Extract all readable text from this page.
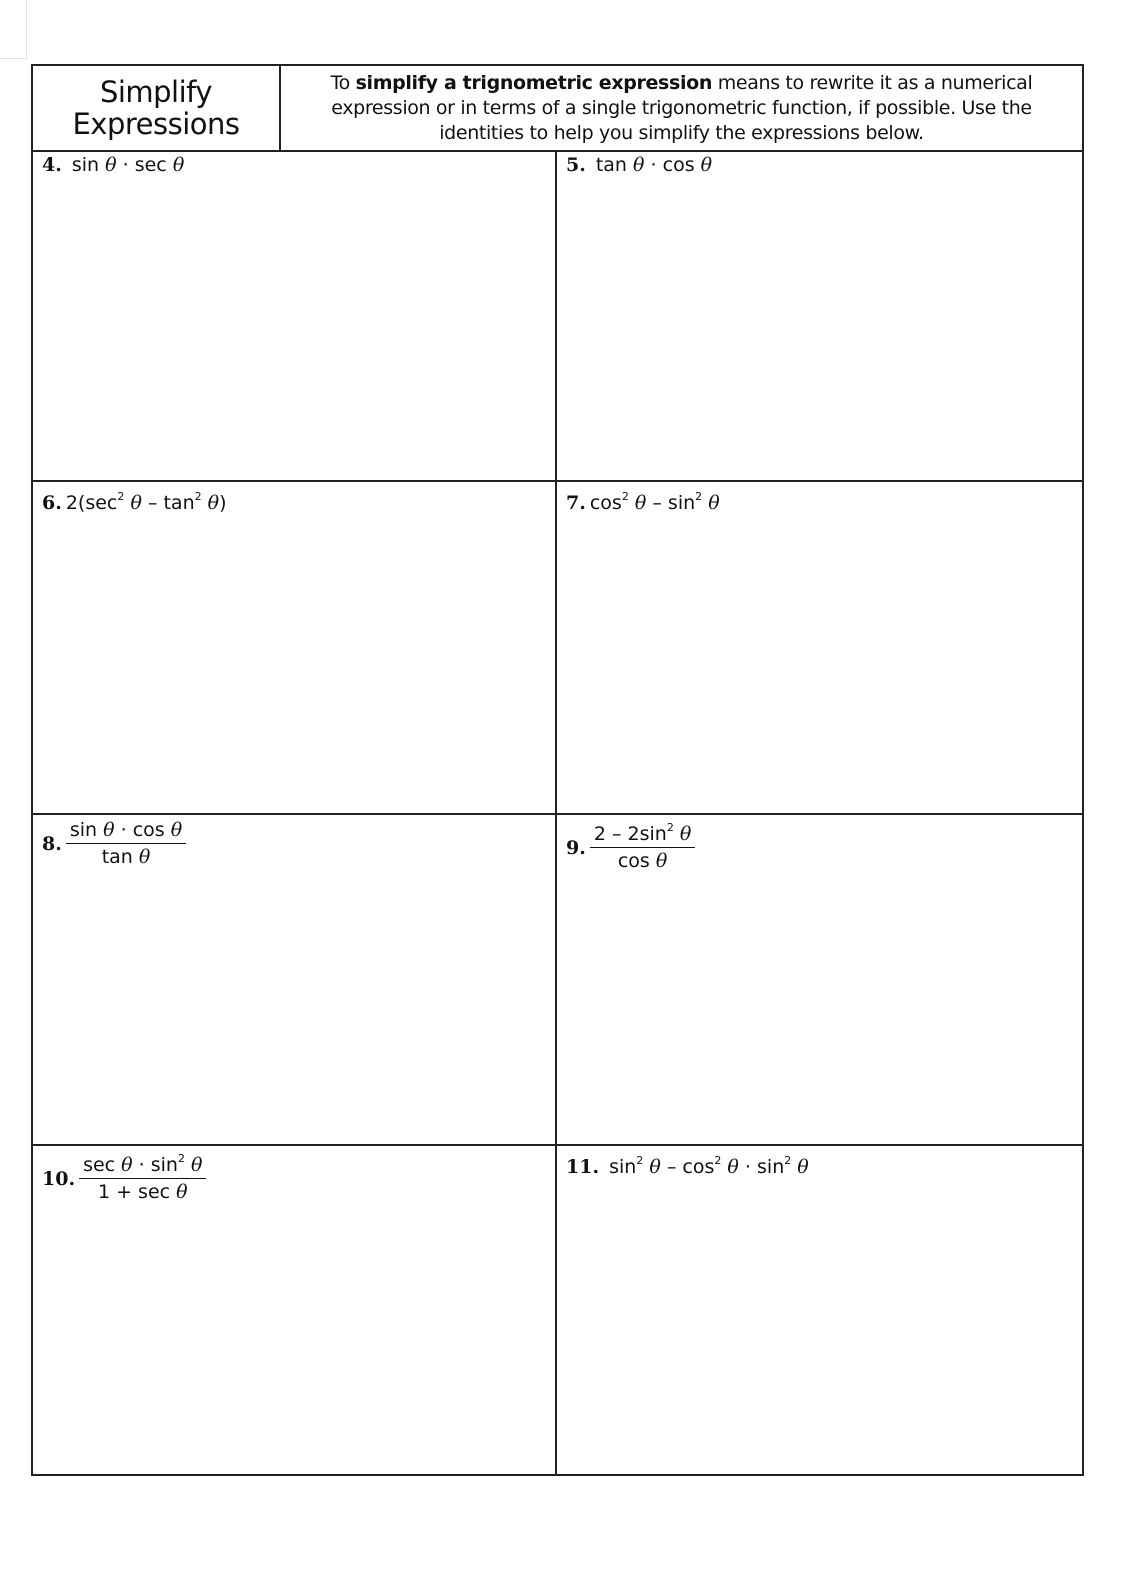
Simplify
Expressions
To simplify a trignometric expression means to rewrite it as a numerical expression or in terms of a single trigonometric function, if possible. Use the identities to help you simplify the expressions below.
4. sin θ · sec θ	5. tan θ · cos θ
6. $2(\sec^2$ θ – $\tan^2 \theta$)	7. $\cos^2 \theta - \sin^2 \theta$
8. $\frac{\text{sin θ · cos θ}}{\text{tan θ}}$	9. $\frac{2 - 2\sin^2 \theta}{\text{cos θ}}$
10. $\frac{\sec \theta \cdot \sin^2 \theta}{\text{1 + sec θ}}$	11. $\sin^2 \theta - \cos^2 \theta \cdot \sin^2 \theta$
